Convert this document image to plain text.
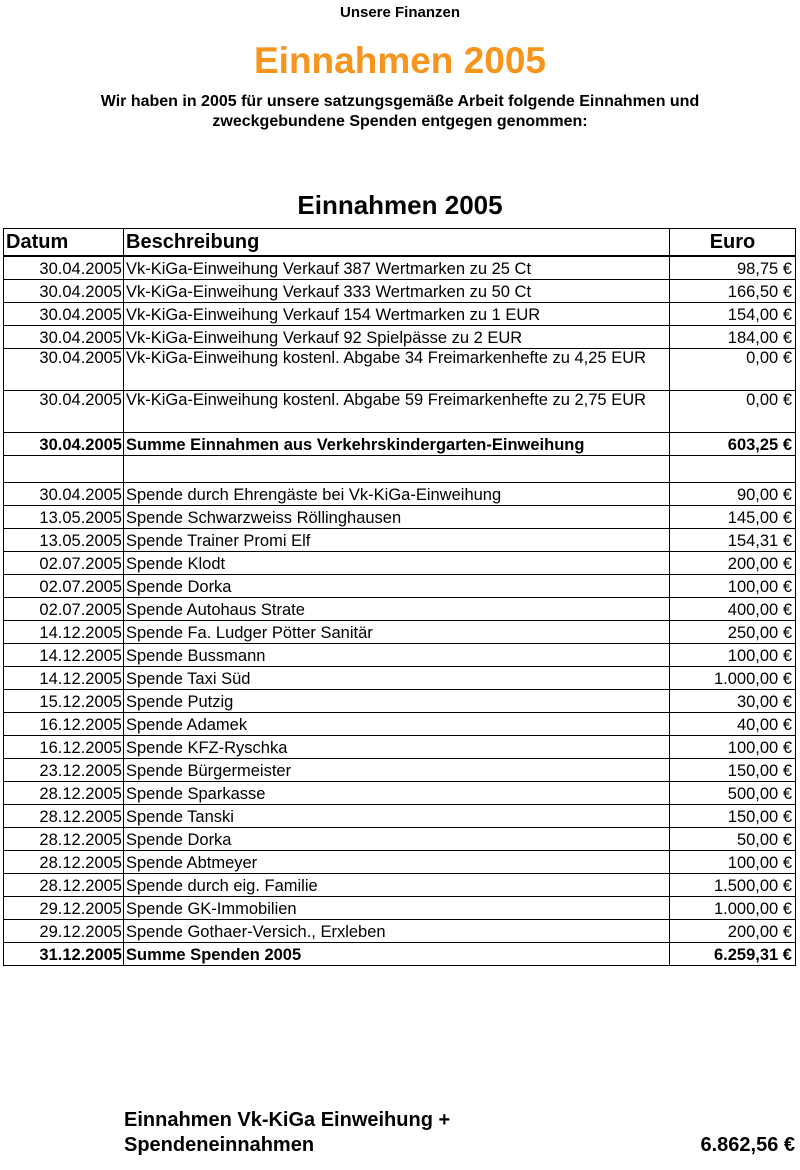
Unsere Finanzen
Einnahmen 2005
Wir haben in 2005 für unsere satzungsgemäße Arbeit folgende Einnahmen und zweckgebundene Spenden entgegen genommen:
Einnahmen 2005
Datum	Beschreibung	Euro
30.04.2005	Vk-KiGa-Einweihung Verkauf 387 Wertmarken zu 25 Ct	98,75 €
30.04.2005	Vk-KiGa-Einweihung Verkauf 333 Wertmarken zu 50 Ct	166,50 €
30.04.2005	Vk-KiGa-Einweihung Verkauf 154 Wertmarken zu 1 EUR	154,00 €
30.04.2005	Vk-KiGa-Einweihung Verkauf 92 Spielpässe zu 2 EUR	184,00 €
30.04.2005	Vk-KiGa-Einweihung kostenl. Abgabe 34 Freimarkenhefte zu 4,25 EUR	0,00 €
30.04.2005	Vk-KiGa-Einweihung kostenl. Abgabe 59 Freimarkenhefte zu 2,75 EUR	0,00 €
30.04.2005	Summe Einnahmen aus Verkehrskindergarten-Einweihung	603,25 €

30.04.2005	Spende durch Ehrengäste bei Vk-KiGa-Einweihung	90,00 €
13.05.2005	Spende Schwarzweiss Röllinghausen	145,00 €
13.05.2005	Spende Trainer Promi Elf	154,31 €
02.07.2005	Spende Klodt	200,00 €
02.07.2005	Spende Dorka	100,00 €
02.07.2005	Spende Autohaus Strate	400,00 €
14.12.2005	Spende Fa. Ludger Pötter Sanitär	250,00 €
14.12.2005	Spende Bussmann	100,00 €
14.12.2005	Spende Taxi Süd	1.000,00 €
15.12.2005	Spende Putzig	30,00 €
16.12.2005	Spende Adamek	40,00 €
16.12.2005	Spende KFZ-Ryschka	100,00 €
23.12.2005	Spende Bürgermeister	150,00 €
28.12.2005	Spende Sparkasse	500,00 €
28.12.2005	Spende Tanski	150,00 €
28.12.2005	Spende Dorka	50,00 €
28.12.2005	Spende Abtmeyer	100,00 €
28.12.2005	Spende durch eig. Familie	1.500,00 €
29.12.2005	Spende GK-Immobilien	1.000,00 €
29.12.2005	Spende Gothaer-Versich., Erxleben	200,00 €
31.12.2005	Summe Spenden 2005	6.259,31 €
Einnahmen Vk-KiGa Einweihung + Spendeneinnahmen	6.862,56 €
